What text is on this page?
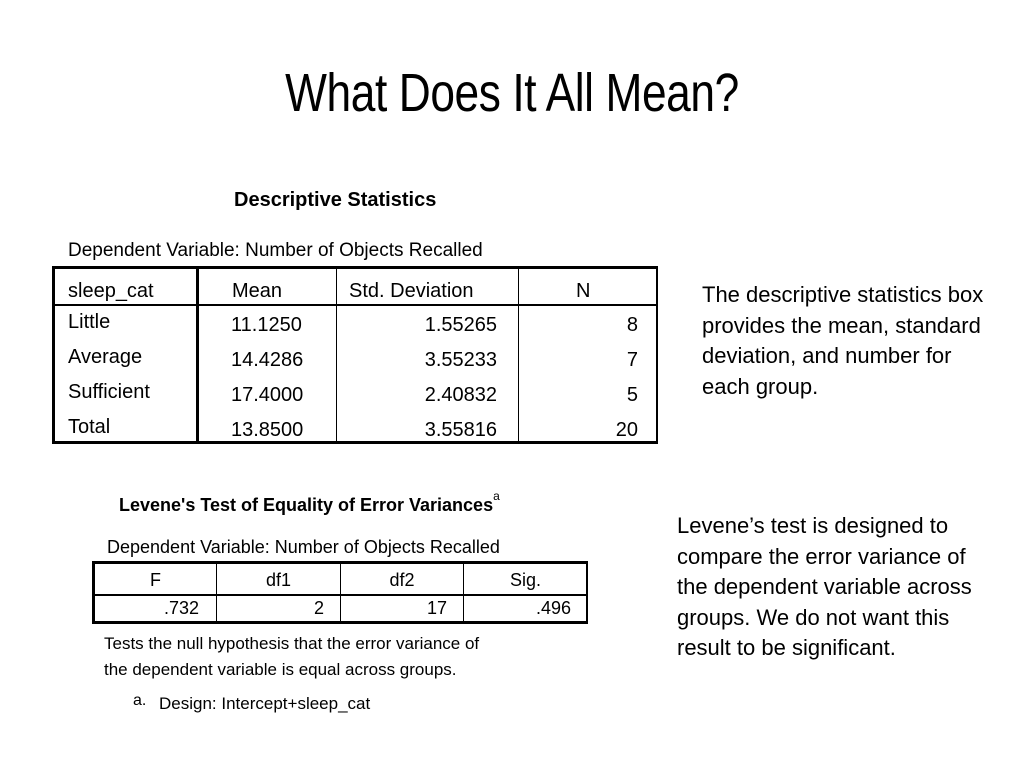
What Does It All Mean?
Descriptive Statistics
Dependent Variable: Number of Objects Recalled
sleep_cat	Mean	Std. Deviation	N
Little	11.1250	1.55265	8
Average	14.4286	3.55233	7
Sufficient	17.4000	2.40832	5
Total	13.8500	3.55816	20
The descriptive statistics box provides the mean, standard deviation, and number for each group.
Levene's Test of Equality of Error Variances$^a$
Dependent Variable: Number of Objects Recalled
F	df1	df2	Sig.
.732	2	17	.496
Tests the null hypothesis that the error variance of
the dependent variable is equal across groups.
a. Design: Intercept+sleep_cat
Levene’s test is designed to compare the error variance of the dependent variable across groups. We do not want this result to be significant.
